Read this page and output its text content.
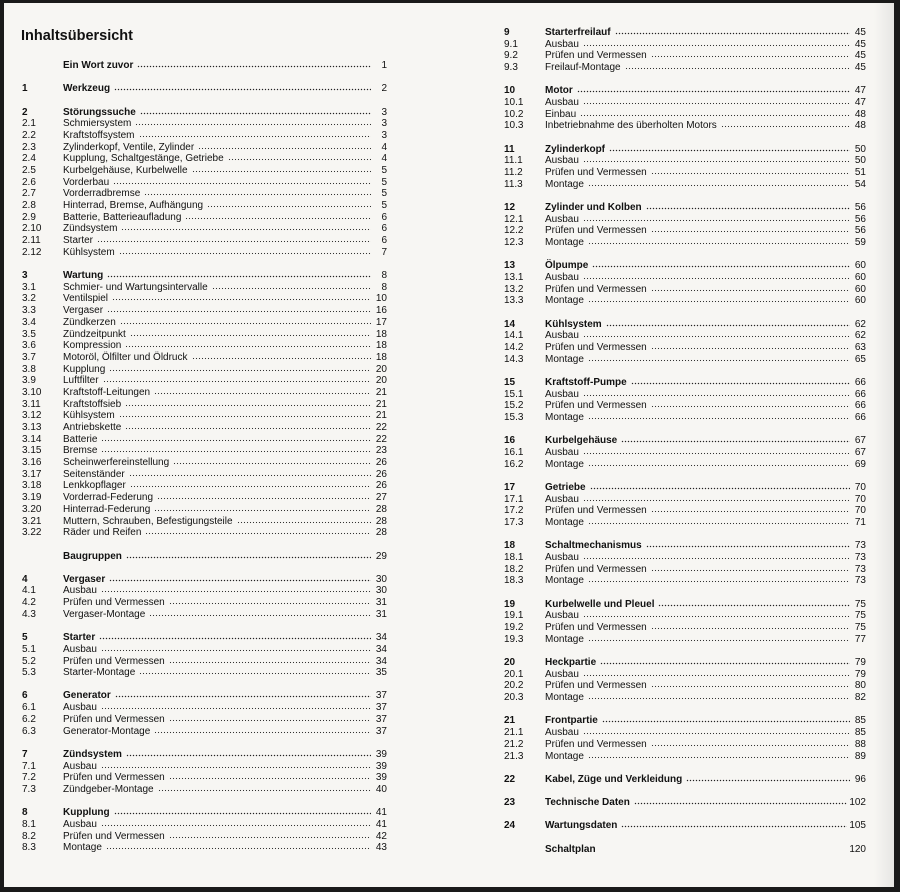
Inhaltsübersicht
Ein Wort zuvor	1
1	Werkzeug	2
2	Störungssuche	3
2.1	Schmiersystem	3
2.2	Kraftstoffsystem	3
2.3	Zylinderkopf, Ventile, Zylinder	4
2.4	Kupplung, Schaltgestänge, Getriebe	4
2.5	Kurbelgehäuse, Kurbelwelle	5
2.6	Vorderbau	5
2.7	Vorderradbremse	5
2.8	Hinterrad, Bremse, Aufhängung	5
2.9	Batterie, Batterieaufladung	6
2.10	Zündsystem	6
2.11	Starter	6
2.12	Kühlsystem	7
3	Wartung	8
3.1	Schmier- und Wartungsintervalle	8
3.2	Ventilspiel	10
3.3	Vergaser	16
3.4	Zündkerzen	17
3.5	Zündzeitpunkt	18
3.6	Kompression	18
3.7	Motoröl, Ölfilter und Öldruck	18
3.8	Kupplung	20
3.9	Luftfilter	20
3.10	Kraftstoff-Leitungen	21
3.11	Kraftstoffsieb	21
3.12	Kühlsystem	21
3.13	Antriebskette	22
3.14	Batterie	22
3.15	Bremse	23
3.16	Scheinwerfereinstellung	26
3.17	Seitenständer	26
3.18	Lenkkopflager	26
3.19	Vorderrad-Federung	27
3.20	Hinterrad-Federung	28
3.21	Muttern, Schrauben, Befestigungsteile	28
3.22	Räder und Reifen	28
Baugruppen	29
4	Vergaser	30
4.1	Ausbau	30
4.2	Prüfen und Vermessen	31
4.3	Vergaser-Montage	31
5	Starter	34
5.1	Ausbau	34
5.2	Prüfen und Vermessen	34
5.3	Starter-Montage	35
6	Generator	37
6.1	Ausbau	37
6.2	Prüfen und Vermessen	37
6.3	Generator-Montage	37
7	Zündsystem	39
7.1	Ausbau	39
7.2	Prüfen und Vermessen	39
7.3	Zündgeber-Montage	40
8	Kupplung	41
8.1	Ausbau	41
8.2	Prüfen und Vermessen	42
8.3	Montage	43
9	Starterfreilauf	45
9.1	Ausbau	45
9.2	Prüfen und Vermessen	45
9.3	Freilauf-Montage	45
10	Motor	47
10.1	Ausbau	47
10.2	Einbau	48
10.3	Inbetriebnahme des überholten Motors	48
11	Zylinderkopf	50
11.1	Ausbau	50
11.2	Prüfen und Vermessen	51
11.3	Montage	54
12	Zylinder und Kolben	56
12.1	Ausbau	56
12.2	Prüfen und Vermessen	56
12.3	Montage	59
13	Ölpumpe	60
13.1	Ausbau	60
13.2	Prüfen und Vermessen	60
13.3	Montage	60
14	Kühlsystem	62
14.1	Ausbau	62
14.2	Prüfen und Vermessen	63
14.3	Montage	65
15	Kraftstoff-Pumpe	66
15.1	Ausbau	66
15.2	Prüfen und Vermessen	66
15.3	Montage	66
16	Kurbelgehäuse	67
16.1	Ausbau	67
16.2	Montage	69
17	Getriebe	70
17.1	Ausbau	70
17.2	Prüfen und Vermessen	70
17.3	Montage	71
18	Schaltmechanismus	73
18.1	Ausbau	73
18.2	Prüfen und Vermessen	73
18.3	Montage	73
19	Kurbelwelle und Pleuel	75
19.1	Ausbau	75
19.2	Prüfen und Vermessen	75
19.3	Montage	77
20	Heckpartie	79
20.1	Ausbau	79
20.2	Prüfen und Vermessen	80
20.3	Montage	82
21	Frontpartie	85
21.1	Ausbau	85
21.2	Prüfen und Vermessen	88
21.3	Montage	89
22	Kabel, Züge und Verkleidung	96
23	Technische Daten	102
24	Wartungsdaten	105
Schaltplan	120
